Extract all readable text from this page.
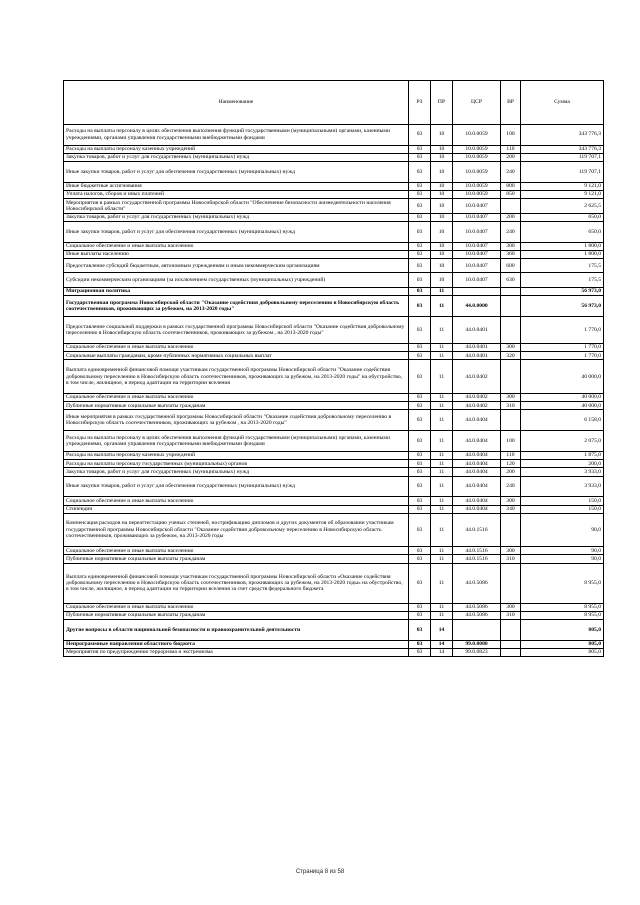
Наименование	РЗ	ПР	ЦСР	ВР	Сумма
Расходы на выплаты персоналу в целях обеспечения выполнения функций государственными (муниципальными) органами, казенными учреждениями, органами управления государственными внебюджетными фондами	03	10	10.0.0059	100	343 776,3
Расходы на выплаты персоналу казенных учреждений	03	10	10.0.0059	110	343 776,3
Закупка товаров, работ и услуг для государственных (муниципальных) нужд	03	10	10.0.0059	200	119 707,1
Иные закупки товаров, работ и услуг для обеспечения государственных (муниципальных) нужд	03	10	10.0.0059	240	119 707,1
Иные бюджетные ассигнования	03	10	10.0.0059	800	9 121,0
Уплата налогов, сборов и иных платежей	03	10	10.0.0059	850	9 121,0
Мероприятия в рамках государственной программы Новосибирской области "Обеспечение безопасности жизнедеятельности населения Новосибирской области"	03	10	10.0.0407		2 625,5
Закупка товаров, работ и услуг для государственных (муниципальных) нужд	03	10	10.0.0407	200	650,0
Иные закупки товаров, работ и услуг для обеспечения государственных (муниципальных) нужд	03	10	10.0.0407	240	650,0
Социальное обеспечение и иные выплаты населению	03	10	10.0.0407	300	1 800,0
Иные выплаты населению	03	10	10.0.0407	360	1 800,0
Предоставление субсидий бюджетным, автономным учреждениям и иным некоммерческим организациям	03	10	10.0.0407	600	175,5
Субсидии некоммерческим организациям (за исключением государственных (муниципальных) учреждений)	03	10	10.0.0407	630	175,5
Миграционная политика	03	11			56 973,0
Государственная программа Новосибирской области "Оказание содействия добровольному переселению в Новосибирскую область соотечественников, проживающих за рубежом, на 2013-2020 годы"	03	11	44.0.0000		56 973,0
Предоставление социальной поддержки в рамках государственной программы Новосибирской области "Оказание содействия добровольному переселению в Новосибирскую область соотечественников, проживающих за рубежом , на 2013-2020 годы"	03	11	44.0.0401		1 770,0
Социальное обеспечение и иные выплаты населению	03	11	44.0.0401	300	1 770,0
Социальные выплаты гражданам, кроме публичных нормативных социальных выплат	03	11	44.0.0401	320	1 770,0
Выплата единовременной финансовой помощи участникам государственной программы Новосибирской области "Оказание содействия добровольному переселению в Новосибирскую область соотечественников, проживающих за рубежом, на 2013-2020 годы" на обустройство, в том числе, жилищное, в период адаптации на территории вселения	03	11	44.0.0402		40 000,0
Социальное обеспечение и иные выплаты населению	03	11	44.0.0402	300	40 000,0
Публичные нормативные социальные выплаты гражданам	03	11	44.0.0402	310	40 000,0
Иные мероприятия в рамках государственной программы Новосибирской области "Оказание содействия добровольному переселению в Новосибирскую область соотечественников, проживающих за рубежом , на 2013-2020 годы"	03	11	44.0.0404		6 158,0
Расходы на выплаты персоналу в целях обеспечения выполнения функций государственными (муниципальными) органами, казенными учреждениями, органами управления государственными внебюджетными фондами	03	11	44.0.0404	100	2 075,0
Расходы на выплаты персоналу казенных учреждений	03	11	44.0.0404	110	1 875,0
Расходы на выплаты персоналу государственных (муниципальных) органов	03	11	44.0.0404	120	200,0
Закупка товаров, работ и услуг для государственных (муниципальных) нужд	03	11	44.0.0404	200	3 933,0
Иные закупки товаров, работ и услуг для обеспечения государственных (муниципальных) нужд	03	11	44.0.0404	240	3 933,0
Социальное обеспечение и иные выплаты населению	03	11	44.0.0404	300	150,0
Стипендии	03	11	44.0.0404	340	150,0
Компенсация расходов на переаттестацию ученых степеней, нострификацию дипломов и других документов об образовании участникам государственной программы Новосибирской области "Оказание содействия добровольному переселению в Новосибирскую область соотечественников, проживающих за рубежом, на 2013-2020 годы	03	11	44.0.1516		90,0
Социальное обеспечение и иные выплаты населению	03	11	44.0.1516	300	90,0
Публичные нормативные социальные выплаты гражданам	03	11	44.0.1516	310	90,0
Выплата единовременной финансовой помощи участникам государственной программы Новосибирской области «Оказание содействия добровольному переселению в Новосибирскую область соотечественников, проживающих за рубежом, на 2013-2020 годы» на обустройство, в том числе, жилищное, в период адаптации на территории вселения за счет средств федерального бюджета	03	11	44.0.5086		8 955,0
Социальное обеспечение и иные выплаты населению	03	11	44.0.5086	300	8 955,0
Публичные нормативные социальные выплаты гражданам	03	11	44.0.5086	310	8 955,0
Другие вопросы в области национальной безопасности и правоохранительной деятельности	03	14			805,0
Непрограммные направления областного бюджета	03	14	99.0.0000		805,0
Мероприятия по предупреждению терроризма и экстремизма	03	14	99.0.0823		805,0
Страница 8 из 58
